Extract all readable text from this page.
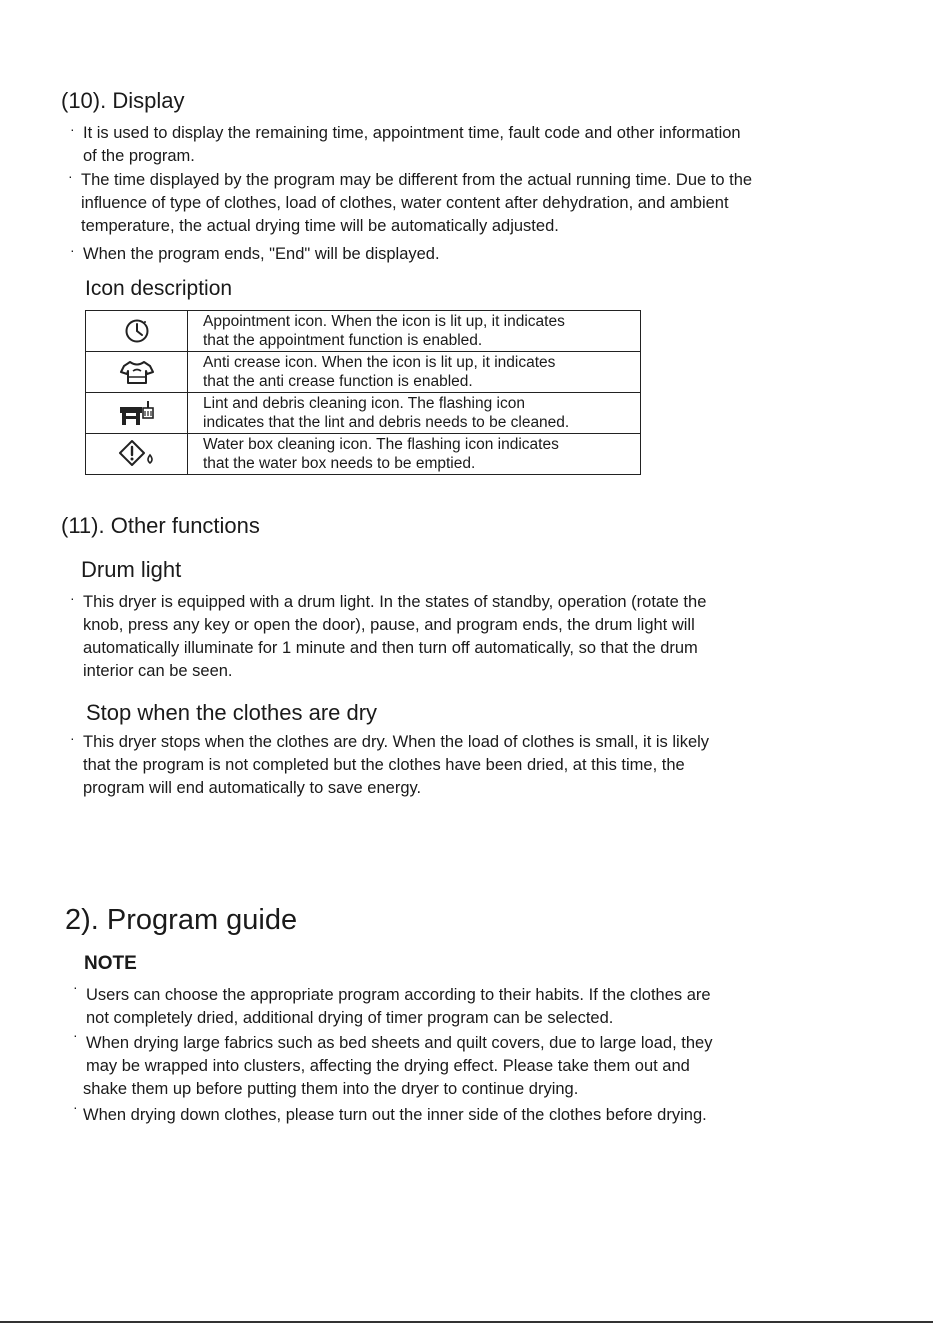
(10). Display
· It is used to display the remaining time, appointment time, fault code and other information
of the program.
· The time displayed by the program may be different from the actual running time. Due to the
influence of type of clothes, load of clothes, water content after dehydration, and ambient
temperature, the actual drying time will be automatically adjusted.
· When the program ends, "End" will be displayed.
Icon description

Appointment icon. When the icon is lit up, it indicates
that the appointment function is enabled.

Anti crease icon. When the icon is lit up, it indicates
that the anti crease function is enabled.

Lint and debris cleaning icon. The flashing icon
indicates that the lint and debris needs to be cleaned.

Water box cleaning icon. The flashing icon indicates
that the water box needs to be emptied.
(11). Other functions
Drum light
· This dryer is equipped with a drum light. In the states of standby, operation (rotate the
knob, press any key or open the door), pause, and program ends, the drum light will
automatically illuminate for 1 minute and then turn off automatically, so that the drum
interior can be seen.
Stop when the clothes are dry
· This dryer stops when the clothes are dry. When the load of clothes is small, it is likely
that the program is not completed but the clothes have been dried, at this time, the
program will end automatically to save energy.
2). Program guide
NOTE
· Users can choose the appropriate program according to their habits. If the clothes are
not completely dried, additional drying of timer program can be selected.
· When drying large fabrics such as bed sheets and quilt covers, due to large load, they
may be wrapped into clusters, affecting the drying effect. Please take them out and
shake them up before putting them into the dryer to continue drying.
· When drying down clothes, please turn out the inner side of the clothes before drying.
